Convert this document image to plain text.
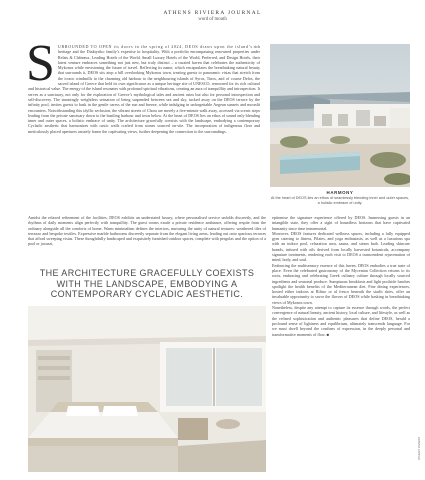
ATHENS RIVIERA JOURNAL
word of mouth
S URROUNDED TO OPEN its doors in the spring of 2024, DEOS draws upon the island’s rich heritage and the Diaktyriko family’s expertise in hospitality. With a portfolio encompassing renowned properties under Relais & Châteaux, Leading Hotels of the World, Small Luxury Hotels of the World, Preferred, and Design Hotels, their latest venture embraces something not just new, but truly distinct – a curated haven that celebrates the authenticity of Mykonos while envisioning the future of travel. Reflecting its name, which encapsulates the breathtaking natural beauty that surrounds it, DEOS sits atop a hill overlooking Mykonos town, treating guests to panoramic vistas that stretch from the iconic windmills to the charming old harbour to the neighbouring islands of Syros, Tinos, and of course Delos, the sacred island of Greece that held its own significance as a unique heritage site of UNESCO, renowned for its rich cultural and historical value. The energy of the island resonates with profound spiritual vibrations, creating an aura of tranquillity and introspection. It serves as a sanctuary, not only for the exploration of Greece’s mythological tales and ancient ruins but also for personal introspection and self-discovery. The stunningly weightless sensation of being suspended between sea and sky, tucked away on the DEOS terrace by the infinity pool, invites guests to bask in the gentle caress of the sun and breeze, while indulging in unforgettable Aegean sunsets and moonlit encounters. Notwithstanding this idyllic seclusion, the vibrant streets of Chora are merely a five-minute walk away, accessed via scenic steps leading from the private sanctuary down to the bustling harbour and town below. At the heart of DEOS lies an ethos of sound only blending inner and outer spaces, a holistic embrace of unity. The architecture gracefully coexists with the landscape, embodying a contemporary Cycladic aesthetic that harmonizes with rustic walls crafted from stones sourced on-site. The incorporation of indigenous flora and meticulously placed apertures astutely frame the captivating views, further deepening the connection to the surroundings.

HARMONY
At the heart of DEOS lies an ethos of seamlessly blending inner and outer spaces, a holistic embrace of unity.
Amidst the relaxed refinement of the facilities, DEOS exhibits an understated luxury, where personalised service unfolds discreetly, and the rhythms of daily moments align perfectly with tranquillity. The guest rooms exude a private residence ambiance, offering respite from the ordinary alongside all the comforts of home. Warm minimalism defines the interiors, nurturing the unity of natural textures: weathered tiles of terrazzo and bespoke textiles. Expressive marble bathrooms discreetly separate from the elegant living areas, leading out onto spacious terraces that afford sweeping vistas. These thoughtfully landscaped and exquisitely furnished outdoor spaces, complete with pergolas and the option of a pool or jacuzzi,
THE ARCHITECTURE GRACEFULLY COEXISTS WITH THE LANDSCAPE, EMBODYING A CONTEMPORARY CYCLADIC AESTHETIC.

epitomise the signature experience offered by DEOS. Immersing guests in an intangible state, they offer a sight of boundless horizons that have captivated humanity since time immemorial.

Moreover, DEOS features dedicated wellness spaces, including a fully equipped gym catering to fitness, Pilates, and yoga enthusiasts, as well as a luxurious spa with an indoor pool, relaxation area, sauna, and steam bath. Leading skincare brands, infused with oils derived from locally harvested botanicals, accompany signature treatments, rendering each visit to DEOS a transcendent rejuvenation of mind, body, and soul.

Embracing the multisensory essence of this haven, DEOS embodies a true taste of place. Even the celebrated gastronomy of the Mycenian Collection returns to its roots, embracing and celebrating Greek culinary culture through locally sourced ingredients and seasonal produce. Sumptuous breakfasts and light poolside lunches spotlight the health benefits of the Mediterranean diet. Fine dining experiences, hosted either indoors at Rifino or al fresco beneath the starlit skies, offer an invaluable opportunity to savor the flavors of DEOS while basking in breathtaking views of Mykonos town.

Nonetheless, despite any attempt to capture its essence through words, the perfect convergence of natural beauty, ancient history, local culture, and lifestyle, as well as the refined sophistication and authentic pleasures that define DEOS, herald a profound sense of lightness and equilibrium, ultimately transcends language. For we must dwell beyond the confines of expression, in the deeply personal and transformative moments of flow. ■

ATHENS RIVIERA
